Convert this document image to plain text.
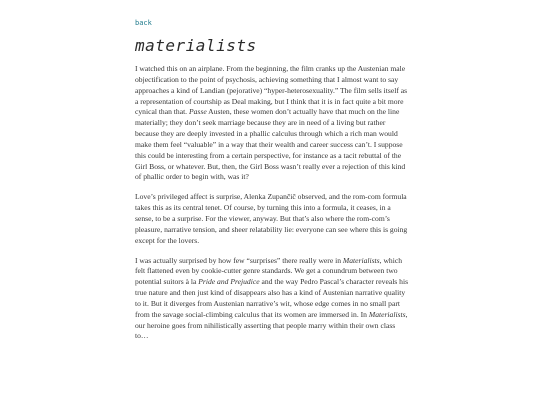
back
materialists

I watched this on an airplane. From the beginning, the film cranks up the Austenian male objectification to the point of psychosis, achieving something that I almost want to say approaches a kind of Landian (pejorative) “hyper-heterosexuality.” The film sells itself as a representation of courtship as Deal making, but I think that it is in fact quite a bit more cynical than that. Passe Austen, these women don’t actually have that much on the line materially; they don’t seek marriage because they are in need of a living but rather because they are deeply invested in a phallic calculus through which a rich man would make them feel “valuable” in a way that their wealth and career success can’t. I suppose this could be interesting from a certain perspective, for instance as a tacit rebuttal of the Girl Boss, or whatever. But, then, the Girl Boss wasn’t really ever a rejection of this kind of phallic order to begin with, was it?

Love’s privileged affect is surprise, Alenka Zupančič observed, and the rom-com formula takes this as its central tenet. Of course, by turning this into a formula, it ceases, in a sense, to be a surprise. For the viewer, anyway. But that’s also where the rom-com’s pleasure, narrative tension, and sheer relatability lie: everyone can see where this is going except for the lovers.

I was actually surprised by how few “surprises” there really were in Materialists, which felt flattened even by cookie-cutter genre standards. We get a conundrum between two potential suitors à la Pride and Prejudice and the way Pedro Pascal’s character reveals his true nature and then just kind of disappears also has a kind of Austenian narrative quality to it. But it diverges from Austenian narrative’s wit, whose edge comes in no small part from the savage social-climbing calculus that its women are immersed in. In Materialists, our heroine goes from nihilistically asserting that people marry within their own class to…
